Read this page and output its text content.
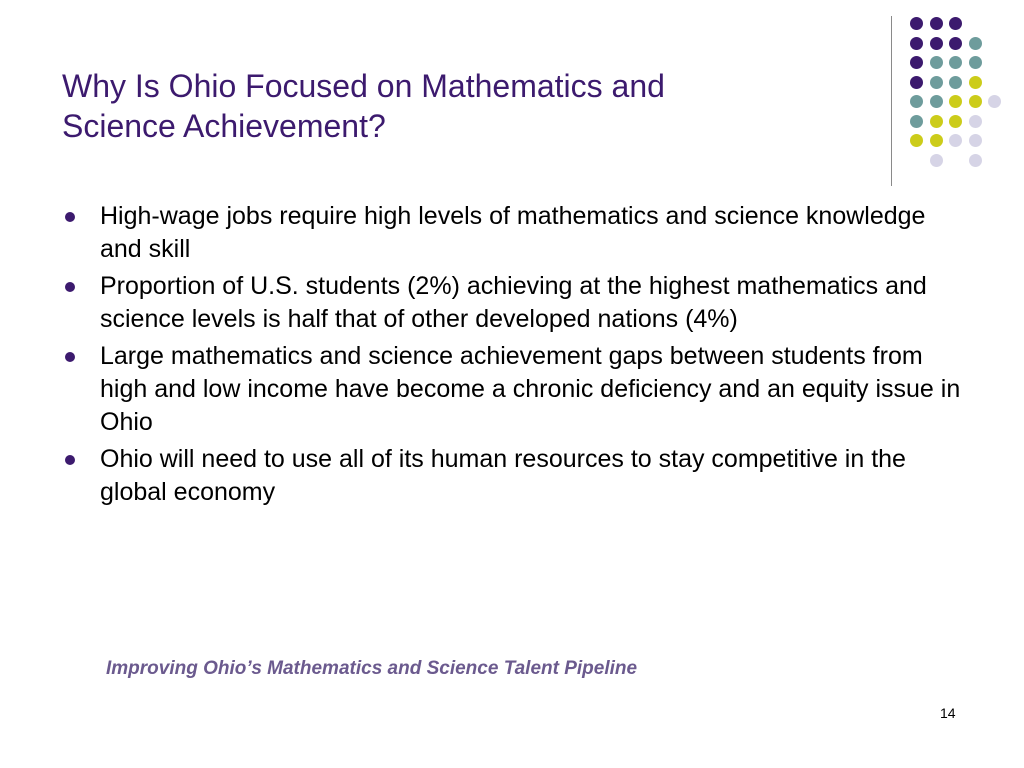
Why Is Ohio Focused on Mathematics and
Science Achievement?
High-wage jobs require high levels of mathematics and science knowledge and skill
Proportion of U.S. students (2%) achieving at the highest mathematics and science levels is half that of other developed nations (4%)
Large mathematics and science achievement gaps between students from high and low income have become a chronic deficiency and an equity issue in Ohio
Ohio will need to use all of its human resources to stay competitive in the global economy
Improving Ohio’s Mathematics and Science Talent Pipeline
14
